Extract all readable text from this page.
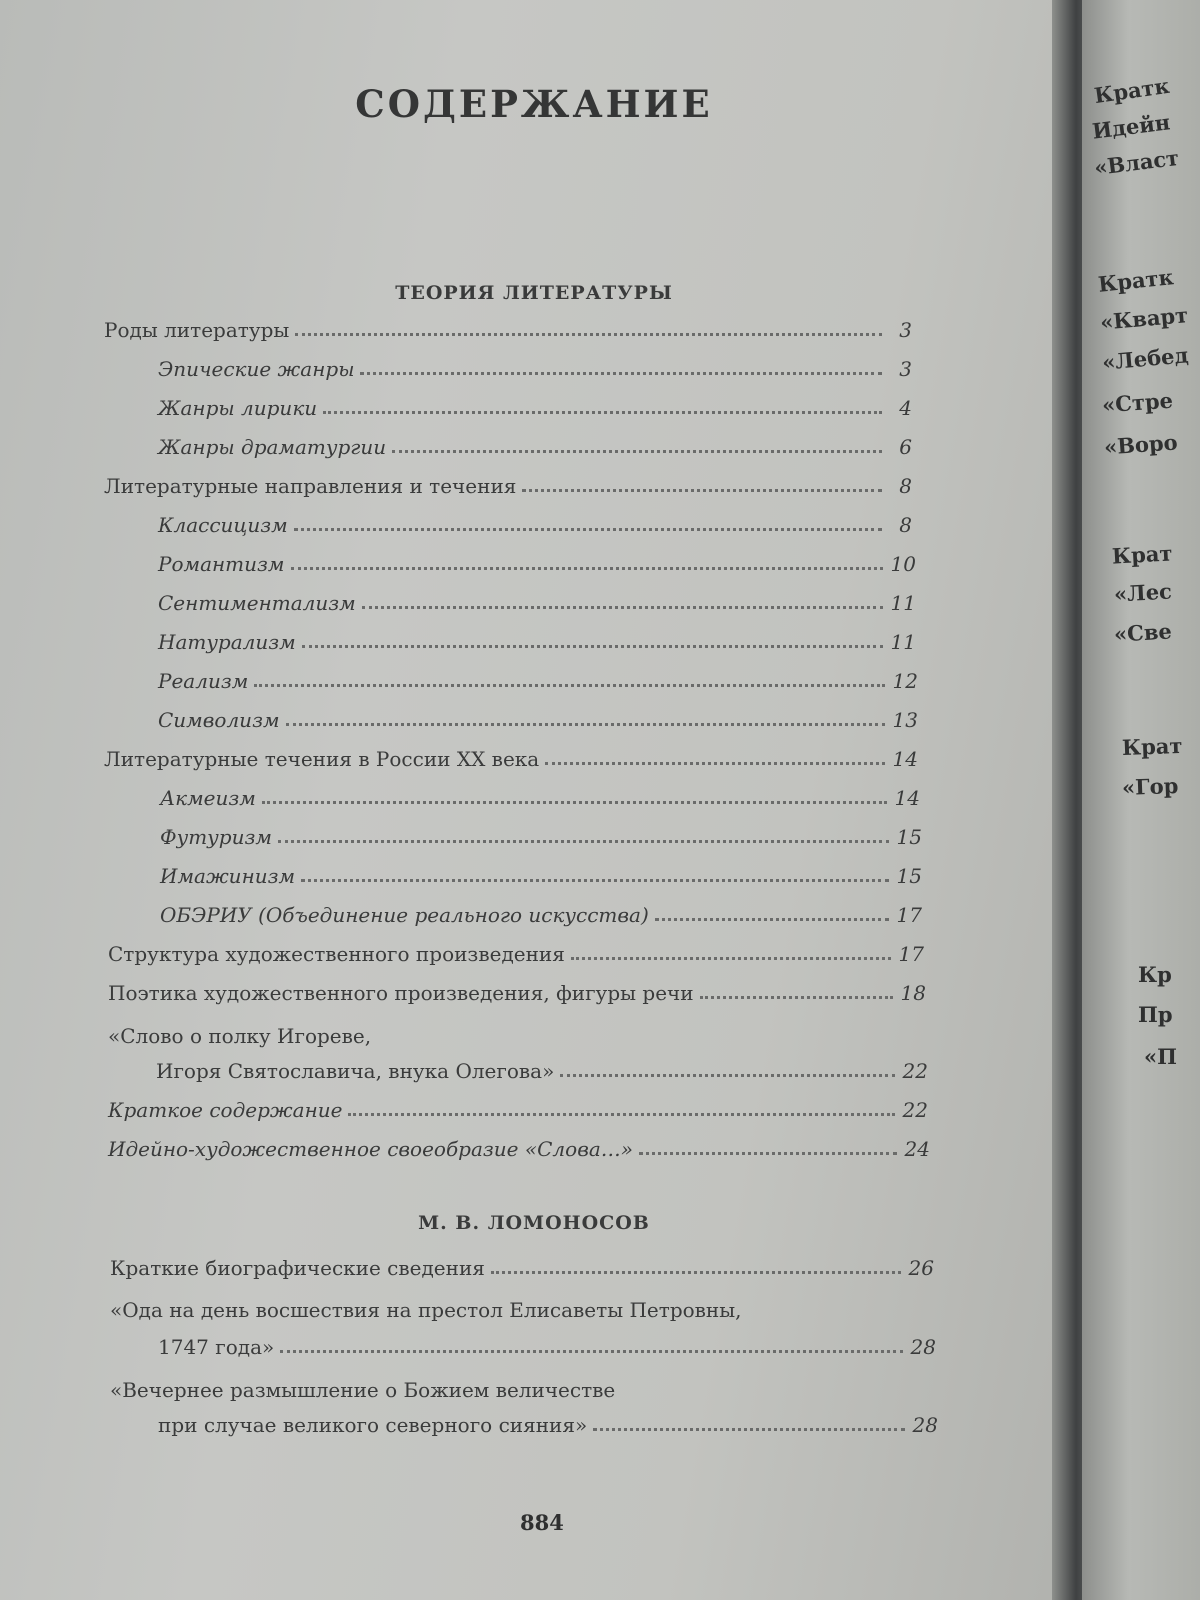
СОДЕРЖАНИЕ
ТЕОРИЯ ЛИТЕРАТУРЫ
Роды литературы	3
Эпические жанры	3
Жанры лирики	4
Жанры драматургии	6
Литературные направления и течения	8
Классицизм	8
Романтизм	10
Сентиментализм	11
Натурализм	11
Реализм	12
Символизм	13
Литературные течения в России XX века	14
Акмеизм	14
Футуризм	15
Имажинизм	15
ОБЭРИУ (Объединение реального искусства)	17
Структура художественного произведения	17
Поэтика художественного произведения, фигуры речи	18
«Слово о полку Игореве,
Игоря Святославича, внука Олегова»	22
Краткое содержание	22
Идейно-художественное своеобразие «Слова…»	24
М. В. ЛОМОНОСОВ
Краткие биографические сведения	26
«Ода на день восшествия на престол Елисаветы Петровны,
1747 года»	28
«Вечернее размышление о Божием величестве
при случае великого северного сияния»	28
884
Кратк
Идейн
«Власт
Кратк
«Кварт
«Лебед
«Стре
«Воро
Крат
«Лес
«Све
Крат
«Гор
Кр
Пр
«П
